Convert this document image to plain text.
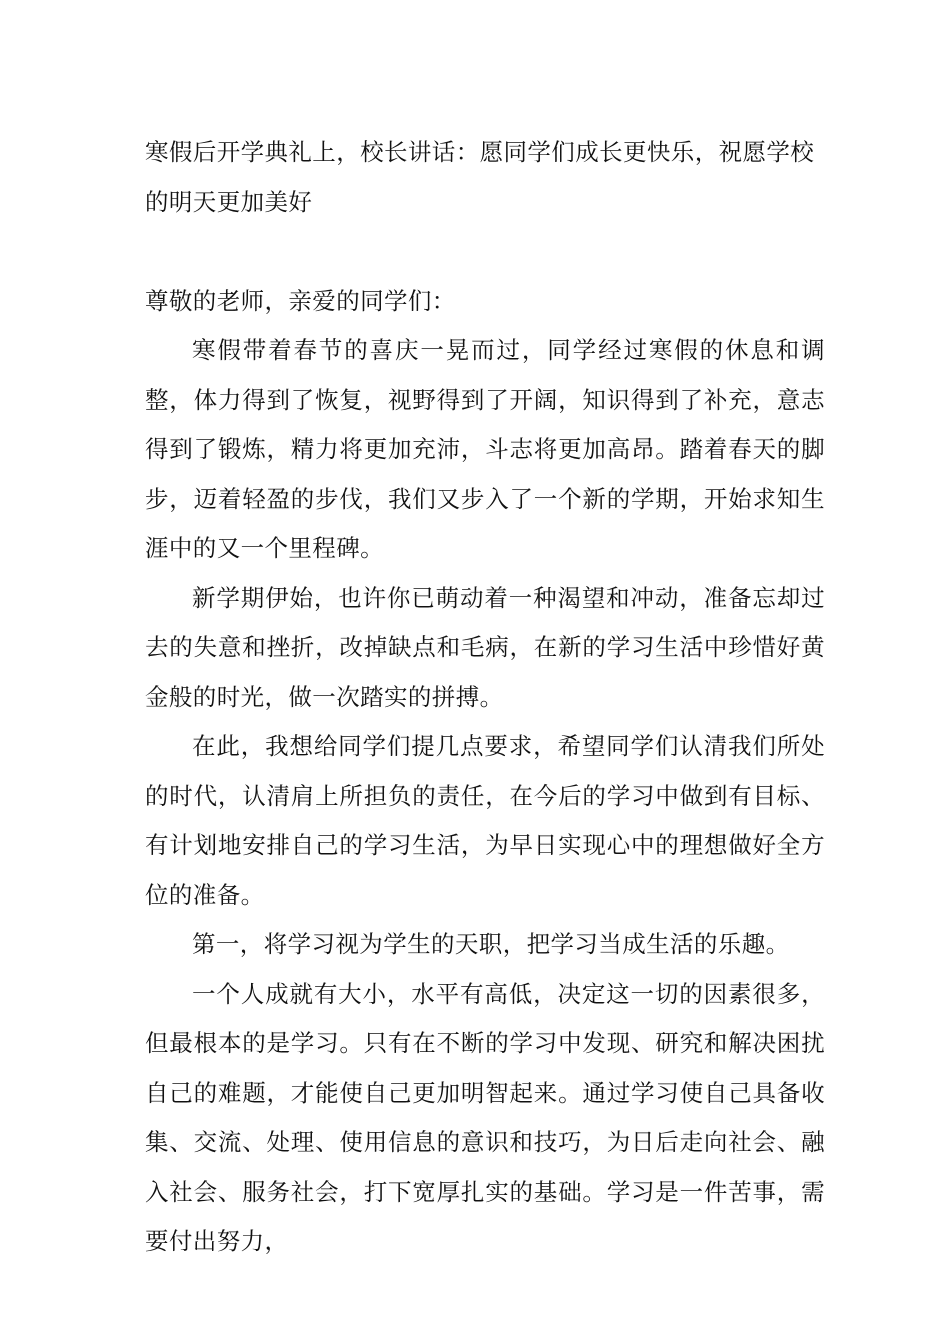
寒假后开学典礼上，校长讲话：愿同学们成长更快乐，祝愿学校的明天更加美好

尊敬的老师，亲爱的同学们：

寒假带着春节的喜庆一晃而过，同学经过寒假的休息和调整，体力得到了恢复，视野得到了开阔，知识得到了补充，意志得到了锻炼，精力将更加充沛，斗志将更加高昂。踏着春天的脚步，迈着轻盈的步伐，我们又步入了一个新的学期，开始求知生涯中的又一个里程碑。

新学期伊始，也许你已萌动着一种渴望和冲动，准备忘却过去的失意和挫折，改掉缺点和毛病，在新的学习生活中珍惜好黄金般的时光，做一次踏实的拼搏。

在此，我想给同学们提几点要求，希望同学们认清我们所处的时代，认清肩上所担负的责任，在今后的学习中做到有目标、有计划地安排自己的学习生活，为早日实现心中的理想做好全方位的准备。

第一，将学习视为学生的天职，把学习当成生活的乐趣。

一个人成就有大小，水平有高低，决定这一切的因素很多，但最根本的是学习。只有在不断的学习中发现、研究和解决困扰自己的难题，才能使自己更加明智起来。通过学习使自己具备收集、交流、处理、使用信息的意识和技巧，为日后走向社会、融入社会、服务社会，打下宽厚扎实的基础。学习是一件苦事，需要付出努力，
